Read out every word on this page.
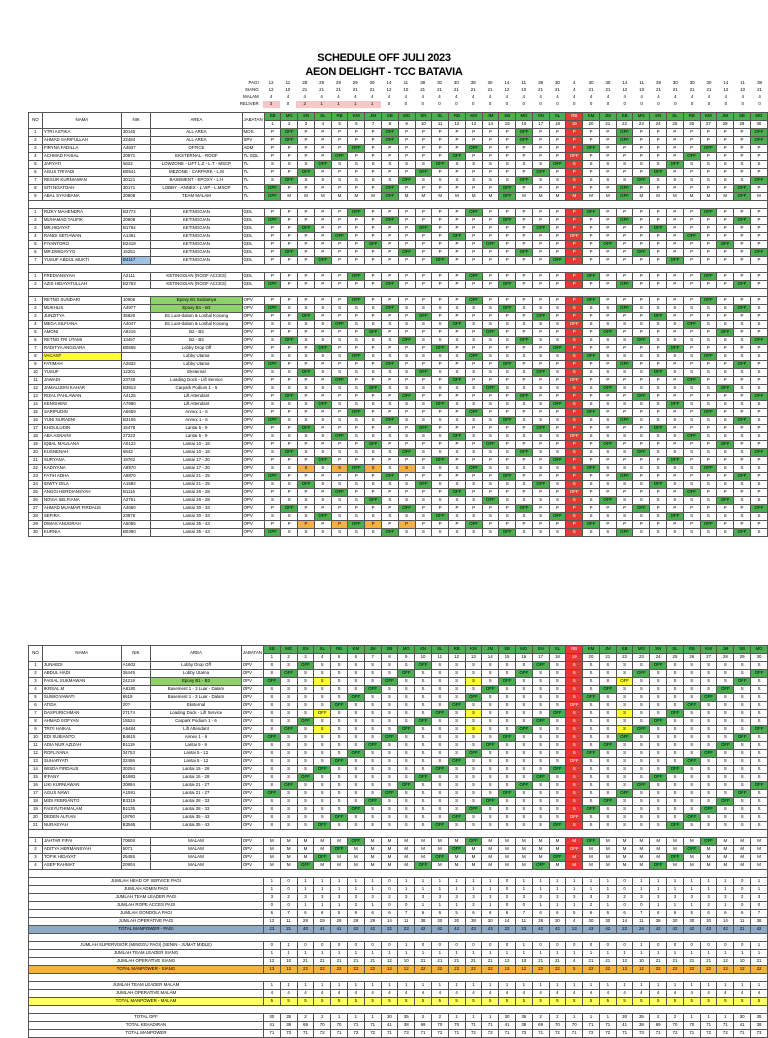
SCHEDULE OFF JULI 2023
AEON DELIGHT - TCC BATAVIA
	PAGI	12	11	28	29	29	29	29	14	11	38	30	30	38	30	14	11	38	30	4	30	30	14	11	38	30	30	30	14	11	38
	SIANG	12	10	21	21	21	21	21	12	10	21	21	21	21	21	12	10	21	21	4	21	21	12	10	21	21	21	21	12	10	21
	MALAM	4	4	4	4	4	4	4	4	4	4	4	4	4	4	4	4	4	4	4	4	4	4	4	4	4	4	4	4	4	4
	RELIVER	2	0	2	1	1	1	1	0	0	0	0	0	0	0	0	0	0	0	0	0	0	0	0	0	0	0	0	0	0	0
NO	NAMA	NIK	AREA	JABATAN	SB	MG	SN	SL	RB	KM	JM	SB	MG	SN	SL	RB	KM	JM	SB	MG	SN	SL	RB	KM	JM	SB	MG	SN	SL	RB	KM	JM	SB	MG
					1	2	3	4	5	6	7	8	9	10	11	12	13	14	15	16	17	18	19	20	21	22	23	24	25	26	27	28	29	30
1	YTRI ASTIKA	30140	ALL AREA	MOS	P	OFF	P	P	P	P	P	OFF	P	P	P	P	P	P	P	OFF	P	P	P	P	P	OFF	P	P	P	P	P	P	P	OFF
2	AHMAD SARIFULLAH	22484	ALL AREA	SPV	P	OFF	P	P	P	P	P	OFF	P	P	P	P	P	P	P	OFF	P	P	P	P	P	OFF	P	P	P	P	P	P	P	OFF
3	FIRYNA FADILLA	A4837	OFFICE	ADM	P	P	P	P	P	OFF	P	P	P	P	P	P	OFF	P	P	P	P	P	P	OFF	P	P	P	P	P	P	OFF	P	P	P
4	ACHMAD FAISAL	20871	EKSTERNAL - ROOF	TL GDL	P	P	P	P	OFF	P	P	P	P	P	P	OFF	P	P	P	P	P	P	OFF	P	P	P	P	P	P	OFF	P	P	P	P
5	JARYATI	5622	LOWZONE - LIFT L.Z - L.T - MSCP	TL	S	S	S	OFF	S	S	S	S	S	S	OFF	S	S	S	S	S	S	OFF	S	S	S	S	S	S	OFF	S	S	S	S	S
6	AGUS TRIYADI	B0541	MEZONE - CARPARK - L.M	TL	P	P	OFF	P	P	P	P	P	P	OFF	P	P	P	P	P	P	OFF	P	P	P	P	P	P	OFF	P	P	P	P	P	P
7	RESUR KURNIAWAN	30121	BASEMENT - EPOXY - L.H	TL	S	OFF	S	S	S	S	S	S	OFF	S	S	S	S	S	S	OFF	S	S	S	S	S	S	OFF	S	S	S	S	S	S	OFF
8	SITI NGATOAH	30171	LOBBY - ANNEX - L.VIP - L.MSCP	TL	OFF	P	P	P	P	P	P	OFF	P	P	P	P	P	P	OFF	P	P	P	P	P	P	OFF	P	P	P	P	P	P	OFF	P
9	ABAL SYAHBANA	20808	TEAM MALAM	TL	OFF	M	M	M	M	M	M	OFF	M	M	M	M	M	M	OFF	M	M	M	M	M	M	OFF	M	M	M	M	M	M	OFF	M

1	RIZKY MAHENDRA	B3772	KETINGGIAN	GDL	P	P	P	P	P	OFF	P	P	P	P	P	P	OFF	P	P	P	P	P	P	OFF	P	P	P	P	P	P	OFF	P	P	P
2	MUHAMAD TAUFIK	20808	KETINGGIAN	GDL	OFF	P	P	P	P	P	P	OFF	P	P	P	P	P	P	OFF	P	P	P	P	P	P	OFF	P	P	P	P	P	P	OFF	P
3	MR.HIDAYAT	B1764	KETINGGIAN	GDL	P	P	OFF	P	P	P	P	P	P	OFF	P	P	P	P	P	P	OFF	P	P	P	P	P	P	OFF	P	P	P	P	P	P
4	RANDI SETIAWAN	A1361	KETINGGIAN	GDL	P	P	P	P	OFF	P	P	P	P	P	P	OFF	P	P	P	P	P	P	OFF	P	P	P	P	P	P	OFF	P	P	P	P
5	FIYANTORO	B2418	KETINGGIAN	GDL	P	P	P	P	P	P	OFF	P	P	P	P	P	P	OFF	P	P	P	P	P	P	OFF	P	P	P	P	P	P	OFF	P	P
6	MR.DWIDAYYO	15251	KETINGGIAN	GDL	P	OFF	P	P	P	P	P	P	OFF	P	P	P	P	P	P	OFF	P	P	P	P	P	P	OFF	P	P	P	P	P	P	OFF
7	YUSUF ABDUL MUKTI	B4117	KETINGGIAN	GDL	P	P	P	OFF	P	P	P	P	P	P	OFF	P	P	P	P	P	P	OFF	P	P	P	P	P	P	OFF	P	P	P	P	P

1	FREDIANSYAH	A2111	KETINGGIAN (ROOF ACCES)	GDL	P	P	P	P	P	OFF	P	P	P	P	P	P	OFF	P	P	P	P	P	P	OFF	P	P	P	P	P	P	OFF	P	P	P
2	AZIS HIDAYATULLAH	B2753	KETINGGIAN (ROOF ACCES)	GDL	OFF	P	P	P	P	P	P	OFF	P	P	P	P	P	P	OFF	P	P	P	P	P	P	OFF	P	P	P	P	P	P	OFF	P

1	RETNO SUNDARI	10906	Epoxy B1 Seidamya	OPV	P	P	P	P	P	OFF	P	P	P	P	P	P	OFF	P	P	P	P	P	P	OFF	P	P	P	P	P	P	OFF	P	P	P
2	MUKHLIS	A4977	Epoxy B1 - B3	OPV	OFF	S	S	S	S	S	S	OFF	S	S	S	S	S	S	OFF	S	S	S	S	S	S	OFF	S	S	S	S	S	S	OFF	S
3	JUNZITYA	35820	B1 Luar-dalam & Loshal Kosong	OPV	P	P	OFF	P	P	P	P	P	P	OFF	P	P	P	P	P	P	OFF	P	P	P	P	P	P	OFF	P	P	P	P	P	P
4	MEGA SILFIANA	A4047	B1 Luar-dalam & Loshal Kosong	OPV	S	S	S	S	OFF	S	S	S	S	S	S	OFF	S	S	S	S	S	S	OFF	S	S	S	S	S	S	OFF	S	S	S	S
5	AMONI	A8216	B2 - B3	OPV	P	P	P	P	P	P	OFF	P	P	P	P	P	P	OFF	P	P	P	P	P	P	OFF	P	P	P	P	P	P	OFF	P	P
6	RETNO TRI UTAMI	13467	B2 - B3	OPV	S	OFF	S	S	S	S	S	S	OFF	S	S	S	S	S	S	OFF	S	S	S	S	S	S	OFF	S	S	S	S	S	S	OFF
7	RADITYA ANGGARA	B0555	Lobby Drop Off	OPV	P	P	P	OFF	P	P	P	P	P	P	OFF	P	P	P	P	P	P	OFF	P	P	P	P	P	P	OFF	P	P	P	P	P
8	VACANT		Lobby Utama	OPV	S	S	S	S	S	OFF	S	S	S	S	S	S	OFF	S	S	S	S	S	S	OFF	S	S	S	S	S	S	OFF	S	S	S
9	FATIMAH	A2832	Lobby Utama	OPV	OFF	P	P	P	P	P	P	OFF	P	P	P	P	P	P	OFF	P	P	P	P	P	P	OFF	P	P	P	P	P	P	OFF	P
10	YUSUF	12201	Eksternal	OPV	S	S	OFF	S	S	S	S	S	S	OFF	S	S	S	S	S	S	OFF	S	S	S	S	S	S	OFF	S	S	S	S	S	S
11	JAWADI	23748	Loading Dock - Lift Service	OPV	P	P	P	P	OFF	P	P	P	P	P	P	OFF	P	P	P	P	P	P	OFF	P	P	P	P	P	P	OFF	P	P	P	P
12	JAMALUDIN KAHAR	B3913	Carpark Podium 1 - 6	OPV	S	S	S	S	S	S	OFF	S	S	S	S	S	S	OFF	S	S	S	S	S	S	OFF	S	S	S	S	S	S	OFF	S	S
13	RIZAL PAHLAWAN	A4125	Lift Attendant	OPV	P	OFF	P	P	P	P	P	P	OFF	P	P	P	P	P	P	OFF	P	P	P	P	P	P	OFF	P	P	P	P	P	P	OFF
14	KENGHENI	A7980	Lift Attendant	OPV	S	S	S	OFF	S	S	S	S	S	S	OFF	S	S	S	S	S	S	OFF	S	S	S	S	S	S	OFF	S	S	S	S	S
15	SARIPUDIN	A6659	Annex 1 - 6	OPV	P	P	P	P	P	OFF	P	P	P	P	P	P	OFF	P	P	P	P	P	P	OFF	P	P	P	P	P	P	OFF	P	P	P
16	YUNI NURAENI	B3106	Annex 1 - 6	OPV	OFF	S	S	S	S	S	S	OFF	S	S	S	S	S	S	OFF	S	S	S	S	S	S	OFF	S	S	S	S	S	S	OFF	S
17	KHOLILUDIN	15478	Lantai 5 - 9	OPV	P	P	OFF	P	P	P	P	P	P	OFF	P	P	P	P	P	P	OFF	P	P	P	P	P	P	OFF	P	P	P	P	P	P
18	ABA ASNAINI	27223	Lantai 5 - 9	OPV	S	S	S	S	OFF	S	S	S	S	S	S	OFF	S	S	S	S	S	S	OFF	S	S	S	S	S	S	OFF	S	S	S	S
19	IQBAL MAULANA	A0122	Lantai 10 - 16	OPV	P	P	P	P	P	P	OFF	P	P	P	P	P	P	OFF	P	P	P	P	P	P	OFF	P	P	P	P	P	P	OFF	P	P
20	KUSNENAH	6843	Lantai 10 - 16	OPV	S	OFF	S	S	S	S	S	S	OFF	S	S	S	S	S	S	OFF	S	S	S	S	S	S	OFF	S	S	S	S	S	S	OFF
21	SURYANA	19762	Lantai 17 - 20	OPV	P	P	P	OFF	P	P	P	P	P	P	OFF	P	P	P	P	P	P	OFF	P	P	P	P	P	P	OFF	P	P	P	P	P
22	KADIYANA	A8970	Lantai 17 - 20	OPV	S	S	S	S	S	OFF	S	S	S	S	S	S	OFF	S	S	S	S	S	S	OFF	S	S	S	S	S	S	OFF	S	S	S
23	FATIH ADHA	A9870	Lantai 21 - 25	OPV	OFF	P	P	P	P	P	P	OFF	P	P	P	P	P	P	OFF	P	P	P	P	P	P	OFF	P	P	P	P	P	P	OFF	P
24	IDWTY DILA	A1582	Lantai 21 - 25	OPV	S	S	OFF	S	S	S	S	S	S	OFF	S	S	S	S	S	S	OFF	S	S	S	S	S	S	OFF	S	S	S	S	S	S
25	ANGGI HERDIANSYAH	B1116	Lantai 26 - 28	OPV	P	P	P	P	OFF	P	P	P	P	P	P	OFF	P	P	P	P	P	P	OFF	P	P	P	P	P	P	OFF	P	P	P	P
26	NOVIA SELFIANA	A2751	Lantai 26 - 28	OPV	S	S	S	S	S	S	OFF	S	S	S	S	S	S	OFF	S	S	S	S	S	S	OFF	S	S	S	S	S	S	OFF	S	S
27	AHMAD MUAMAR FIRDAUS	A4660	Lantai 30 - 33	OPV	P	OFF	P	P	P	P	P	P	OFF	P	P	P	P	P	P	OFF	P	P	P	P	P	P	OFF	P	P	P	P	P	P	OFF
28	SEFIRA	23876	Lantai 30 - 33	OPV	S	S	S	OFF	S	S	S	S	S	S	OFF	S	S	S	S	S	S	OFF	S	S	S	S	S	S	OFF	S	S	S	S	S
29	DIMAS ANUGRAH	A5055	Lantai 35 - 43	OPV	P	P	P	P	P	OFF	P	P	P	P	P	P	OFF	P	P	P	P	P	P	OFF	P	P	P	P	P	P	OFF	P	P	P
30	KURNIA	B0390	Lantai 35 - 43	OPV	OFF	S	S	S	S	S	S	OFF	S	S	S	S	S	S	OFF	S	S	S	S	S	S	OFF	S	S	S	S	S	S	OFF	S
NO	NAMA	NIK	AREA	JABATAN	SB	MG	SN	SL	RB	KM	JM	SB	MG	SN	SL	RB	KM	JM	SB	MG	SN	SL	RB	KM	JM	SB	MG	SN	SL	RB	KM	JM	SB	MG
					1	2	3	4	5	6	7	8	9	10	11	12	13	14	15	16	17	18	19	20	21	22	23	24	25	26	27	28	29	30
1	JUNAEDI	A1602	Lobby Drop Off	OPV	S	S	OFF	S	S	S	S	S	S	OFF	S	S	S	S	S	S	OFF	S	S	S	S	S	S	OFF	S	S	S	S	S	S
2	ABDUL HADI	36449	Lobby Utama	OPV	S	OFF	S	S	S	S	S	S	OFF	S	S	S	S	S	S	OFF	S	S	S	S	S	S	OFF	S	S	S	S	S	S	OFF
3	FAISAL SUKMAWAN	24219	Epoxy B1 - B3	OPV	OFF	S	S	S	S	S	S	OFF	S	S	S	S	S	S	OFF	S	S	S	S	S	S	OFF	S	S	S	S	S	S	OFF	S
4	IKRSAL M	A8180	Basement 1 - 3 Luar - Dalam	OPV	S	S	S	S	S	S	OFF	S	S	S	S	S	S	OFF	S	S	S	S	S	S	OFF	S	S	S	S	S	S	OFF	S	S
5	SUWIGYAWATI	8619	Basement 1 - 3 Luar - Dalam	OPV	S	S	S	S	S	OFF	S	S	S	S	S	S	OFF	S	S	S	S	S	S	OFF	S	S	S	S	S	S	OFF	S	S	S
6	ATIDA	20?	Eksternal	OPV	S	S	S	S	OFF	S	S	S	S	S	S	OFF	S	S	S	S	S	S	OFF	S	S	S	S	S	S	OFF	S	S	S	S
7	DASPURICHMAN	27174	Loading Dock - Lift Service	OPV	S	S	S	OFF	S	S	S	S	S	S	OFF	S	S	S	S	S	S	OFF	S	S	S	S	S	S	OFF	S	S	S	S	S
8	AHMAD SOFYAN	15524	Carpark Podium 1 - 6	OPV	S	S	OFF	S	S	S	S	S	S	OFF	S	S	S	S	S	S	OFF	S	S	S	S	S	S	OFF	S	S	S	S	S	S
9	TRI?I HAIKAL	A5484	Lift Attendant	OPV	S	OFF	S	S	S	S	S	S	OFF	S	S	S	S	S	S	OFF	S	S	S	S	S	S	OFF	S	S	S	S	S	S	OFF
10	EDI SUBIANTO	B4615	Annex 1 - 6	OPV	OFF	S	S	S	S	S	S	OFF	S	S	S	S	S	S	OFF	S	S	S	S	S	S	OFF	S	S	S	S	S	S	OFF	S
11	ADIA NUR AZIZAH	B1119	Lantai 5 - 9	OPV	S	S	S	S	S	S	OFF	S	S	S	S	S	S	OFF	S	S	S	S	S	S	OFF	S	S	S	S	S	S	OFF	S	S
12	ROFLIYANA	34753	Lantai 5 - 12	OPV	S	S	S	S	S	OFF	S	S	S	S	S	S	OFF	S	S	S	S	S	S	OFF	S	S	S	S	S	S	OFF	S	S	S
13	SUHARYATI	32456	Lantai 5 - 12	OPV	S	S	S	S	OFF	S	S	S	S	S	S	OFF	S	S	S	S	S	S	OFF	S	S	S	S	S	S	OFF	S	S	S	S
14	WISDA FIRDAUS	30254	Lantai 15 - 28	OPV	S	S	S	OFF	S	S	S	S	S	S	OFF	S	S	S	S	S	S	OFF	S	S	S	S	S	S	OFF	S	S	S	S	S
15	IFFANY	B1983	Lantai 15 - 28	OPV	S	S	OFF	S	S	S	S	S	S	OFF	S	S	S	S	S	S	OFF	S	S	S	S	S	S	OFF	S	S	S	S	S	S
16	LIKI KURNIAWAN	30894	Lantai 21 - 27	OPV	S	OFF	S	S	S	S	S	S	OFF	S	S	S	S	S	S	OFF	S	S	S	S	S	S	OFF	S	S	S	S	S	S	OFF
17	AGUS NAWI	A1591	Lantai 21 - 27	OPV	OFF	S	S	S	S	S	S	OFF	S	S	S	S	S	S	OFF	S	S	S	S	S	S	OFF	S	S	S	S	S	S	OFF	S
18	MIDI FEBRIANTO	B3319	Lantai 28 - 33	OPV	S	S	S	S	S	S	OFF	S	S	S	S	S	S	OFF	S	S	S	S	S	S	OFF	S	S	S	S	S	S	OFF	S	S
19	FAISYUTHIMALAM	B1135	Lantai 28 - 33	OPV	S	S	S	S	S	OFF	S	S	S	S	S	S	OFF	S	S	S	S	S	S	OFF	S	S	S	S	S	S	OFF	S	S	S
20	DEDEN ALFIAN	19760	Lantai 35 - 43	OPV	S	S	S	S	OFF	S	S	S	S	S	S	OFF	S	S	S	S	S	S	OFF	S	S	S	S	S	S	OFF	S	S	S	S
21	NURASYAH	B3565	Lantai 35 - 43	OPV	S	S	S	OFF	S	S	S	S	S	S	OFF	S	S	S	S	S	S	OFF	S	S	S	S	S	S	OFF	S	S	S	S	S

1	JAHTAR FIFAI	70808	MALAM	OPV	M	M	M	M	M	OFF	M	M	M	M	M	M	OFF	M	M	M	M	M	M	OFF	M	M	M	M	M	M	OFF	M	M	M
2	ADITYA HERMANSYAH	5071	MALAM	OPV	M	M	M	M	OFF	M	M	M	M	M	M	OFF	M	M	M	M	M	M	OFF	M	M	M	M	M	M	OFF	M	M	M	M
3	TOFIK HIDAYAT	25455	MALAM	OPV	M	M	M	OFF	M	M	M	M	M	M	OFF	M	M	M	M	M	M	OFF	M	M	M	M	M	M	OFF	M	M	M	M	M
4	ASEP RAHMAT	20904	MALAM	OPV	M	M	OFF	M	M	M	M	M	M	OFF	M	M	M	M	M	M	OFF	M	M	M	M	M	M	OFF	M	M	M	M	M	M

JUMLAH HEAD OF SERVICE PAGI					1	0	1	1	1	1	1	0	1	1	1	1	1	1	0	1	1	1	1	1	1	0	1	1	1	1	1	1	0	1
JUMLAH ADMIN PAGI					1	0	1	1	1	1	1	0	1	1	1	1	1	1	0	1	1	1	1	1	1	0	1	1	1	1	1	1	0	1
JUMLAH TEAM LEADER PAGI					3	2	3	3	3	3	3	2	3	3	3	3	3	3	2	3	3	3	3	3	3	2	3	3	3	3	3	3	2	3
JUMLAH ROPE ACCES PAGI					0	0	1	1	1	2	1	0	0	1	1	1	2	1	0	0	1	1	1	2	1	0	0	1	1	1	2	1	0	0
JUMLAH GONDOLA PAGI					6	7	6	6	5	6	6	6	7	6	6	5	6	6	6	7	6	6	5	6	6	6	7	6	6	5	6	6	6	7
JUMLAH OPERATIVE PAGI					12	11	28	29	29	29	29	14	11	38	30	30	38	30	14	11	38	30	4	30	30	14	11	38	30	30	30	14	11	38
TOTAL MANPOWER - PAGI					23	21	40	41	41	42	42	22	23	42	42	42	43	43	22	23	42	42	13	43	42	22	24	42	42	42	43	42	21	42

JUMLAH SUPERVISOR (MINGGU PAGI) (SENIN - JUMAT MIDLE)					0	1	0	0	0	0	0	0	1	0	0	0	0	0	0	1	0	0	0	0	0	0	1	0	0	0	0	0	0	1
JUMLAH TEAM LEADER SIANG					1	1	1	1	1	1	1	1	1	1	1	1	1	1	1	1	1	1	1	1	1	1	1	1	1	1	1	1	1	1
JUMLAH OPERATIVE SIANG					12	10	21	21	21	21	21	12	10	21	21	21	21	21	12	10	21	21	4	21	21	12	10	21	21	21	21	12	10	21
TOTAL MANPOWER - SIANG					13	12	22	22	22	22	22	13	12	22	22	22	22	22	13	12	22	22	5	22	22	13	12	22	22	22	22	13	12	22

JUMLAH TEAM LEADER MALAM					1	1	1	1	1	1	1	1	1	1	1	1	1	1	1	1	1	1	1	1	1	1	1	1	1	1	1	1	1	1
JUMLAH OPERATIVE MALAM					4	4	4	4	4	4	4	4	4	4	4	4	4	4	4	4	4	4	4	4	4	4	4	4	4	4	4	4	4	4
TOTAL MANPOWER - MALAM					5	5	5	5	5	5	5	5	5	5	5	5	5	5	5	5	5	5	5	5	5	5	5	5	5	5	5	5	5	5

TOTAL OFF					30	35	2	2	1	1	1	30	35	2	2	1	1	1	30	35	2	2	1	1	1	30	35	2	2	1	1	1	30	35
TOTAL KEHADIRAN					41	38	69	70	70	71	71	41	38	69	70	70	71	71	41	38	69	70	70	71	71	41	38	69	70	70	71	71	41	38
TOTAL MANPOWER					71	73	71	72	71	72	72	71	73	71	72	71	72	72	71	73	71	72	71	72	72	71	73	71	72	71	72	72	71	73
